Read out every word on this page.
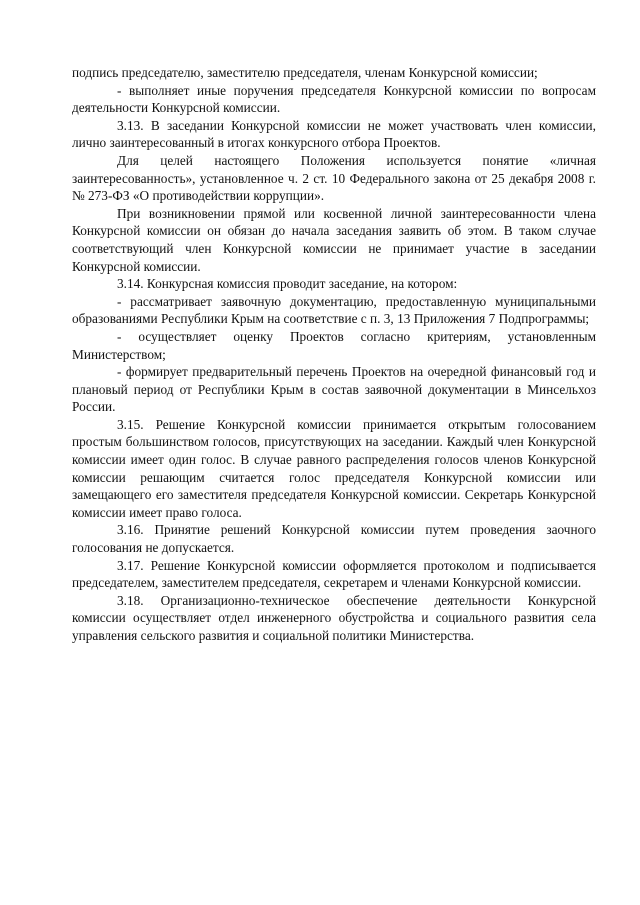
подпись председателю, заместителю председателя, членам Конкурсной комиссии;

- выполняет иные поручения председателя Конкурсной комиссии по вопросам деятельности Конкурсной комиссии.

3.13. В заседании Конкурсной комиссии не может участвовать член комиссии, лично заинтересованный в итогах конкурсного отбора Проектов.

Для целей настоящего Положения используется понятие «личная заинтересованность», установленное ч. 2 ст. 10 Федерального закона от 25 декабря 2008 г. № 273-ФЗ «О противодействии коррупции».

При возникновении прямой или косвенной личной заинтересованности члена Конкурсной комиссии он обязан до начала заседания заявить об этом. В таком случае соответствующий член Конкурсной комиссии не принимает участие в заседании Конкурсной комиссии.

3.14. Конкурсная комиссия проводит заседание, на котором:

- рассматривает заявочную документацию, предоставленную муниципальными образованиями Республики Крым на соответствие с п. 3, 13 Приложения 7 Подпрограммы;

- осуществляет оценку Проектов согласно критериям, установленным Министерством;

- формирует предварительный перечень Проектов на очередной финансовый год и плановый период от Республики Крым в состав заявочной документации в Минсельхоз России.

3.15. Решение Конкурсной комиссии принимается открытым голосованием простым большинством голосов, присутствующих на заседании. Каждый член Конкурсной комиссии имеет один голос. В случае равного распределения голосов членов Конкурсной комиссии решающим считается голос председателя Конкурсной комиссии или замещающего его заместителя председателя Конкурсной комиссии. Секретарь Конкурсной комиссии имеет право голоса.

3.16. Принятие решений Конкурсной комиссии путем проведения заочного голосования не допускается.

3.17. Решение Конкурсной комиссии оформляется протоколом и подписывается председателем, заместителем председателя, секретарем и членами Конкурсной комиссии.

3.18. Организационно-техническое обеспечение деятельности Конкурсной комиссии осуществляет отдел инженерного обустройства и социального развития села управления сельского развития и социальной политики Министерства.
